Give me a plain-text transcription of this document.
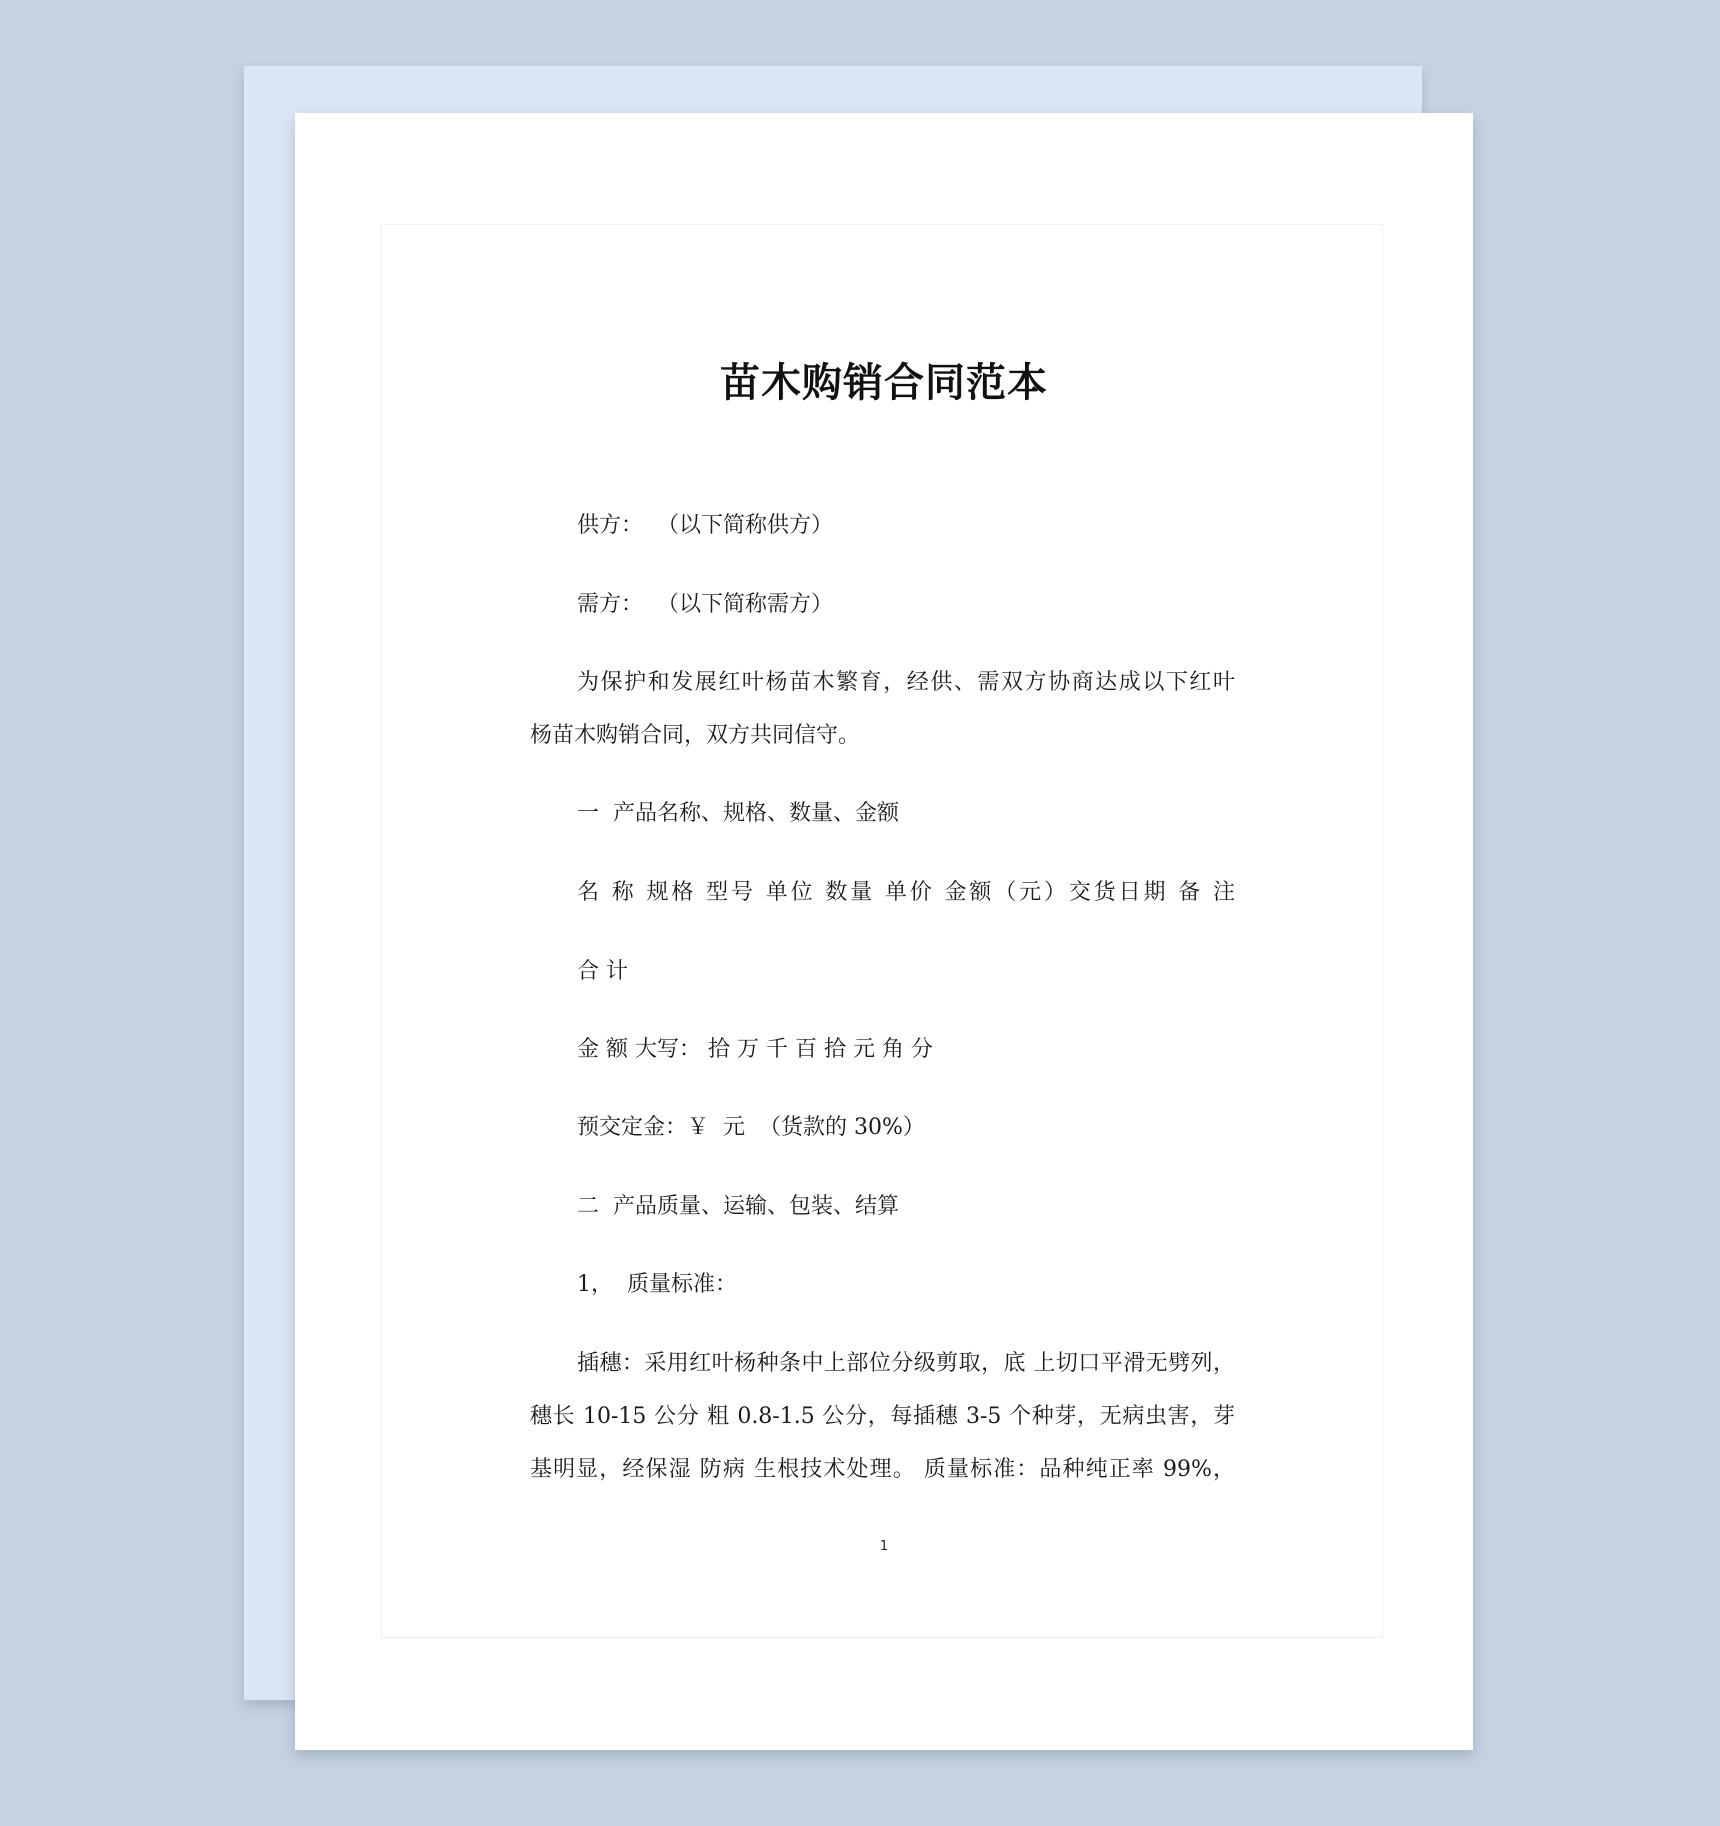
苗木购销合同范本
供方：  （以下简称供方）
需方：  （以下简称需方）
为保护和发展红叶杨苗木繁育，经供、需双方协商达成以下红叶
杨苗木购销合同，双方共同信守。
一  产品名称、规格、数量、金额
名 称 规格 型号 单位 数量 单价 金额（元）交货日期 备 注
合 计
金 额 大写： 拾 万 千 百 拾 元 角 分
预交定金：￥  元  （货款的 30%）
二  产品质量、运输、包装、结算
1，  质量标准：
插穗：采用红叶杨种条中上部位分级剪取，底 上切口平滑无劈列，
穗长 10-15 公分 粗 0.8-1.5 公分，每插穗 3-5 个种芽，无病虫害，芽
基明显，经保湿 防病 生根技术处理。 质量标准：品种纯正率 99%，
1
